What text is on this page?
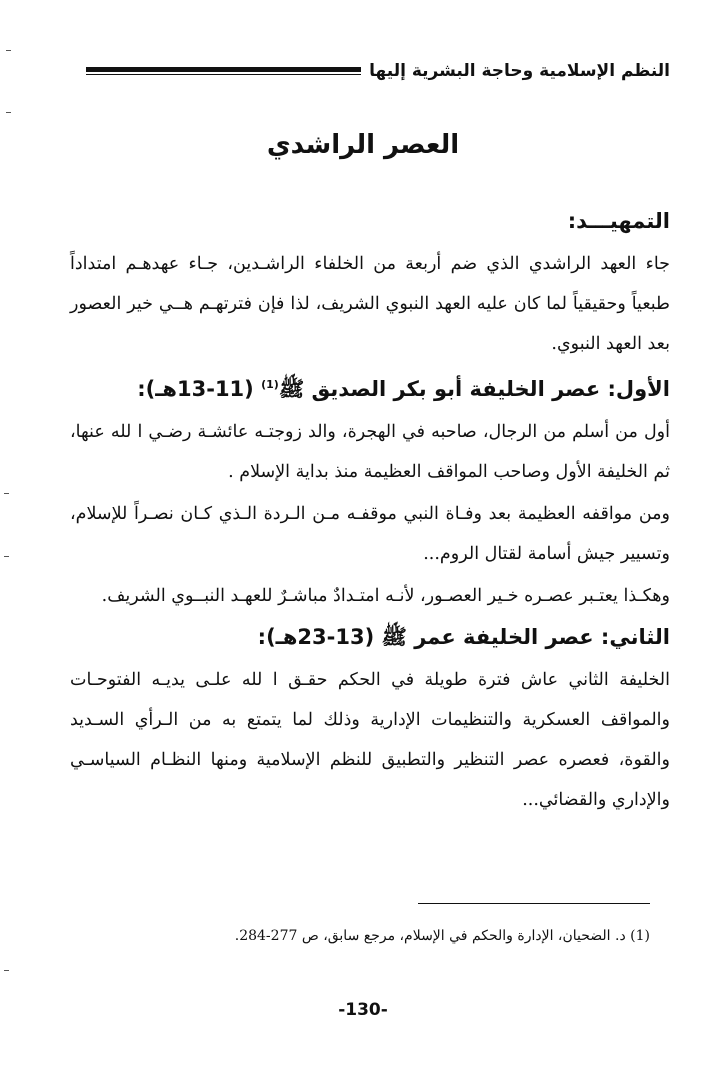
النظم الإسلامية وحاجة البشرية إليها
العصر الراشدي
التمهيـــد:

جاء العهد الراشدي الذي ضم أربعة من الخلفاء الراشـدين، جـاء عهدهـم امتداداً طبعياً وحقيقياً لما كان عليه العهد النبوي الشريف، لذا فإن فترتهـم هــي خير العصور بعد العهد النبوي.

الأول: عصر الخليفة أبو بكر الصديق ﷺ$^{(1)}$ (11-13هـ):

أول من أسلم من الرجال، صاحبه في الهجرة، والد زوجتـه عائشـة رضـي ا لله عنها، ثم الخليفة الأول وصاحب المواقف العظيمة منذ بداية الإسلام .

ومن مواقفه العظيمة بعد وفـاة النبي موقفـه مـن الـردة الـذي كـان نصـراً للإسلام، وتسيير جيش أسامة لقتال الروم...

وهكـذا يعتـبر عصـره خـير العصـور، لأنـه امتـدادٌ مباشـرٌ للعهـد النبــوي الشريف.

الثاني: عصر الخليفة عمر ﷺ (13-23هـ):

الخليفة الثاني عاش فترة طويلة في الحكم حقـق ا لله علـى يديـه الفتوحـات والمواقف العسكرية والتنظيمات الإدارية وذلك لما يتمتع به من الـرأي السـديد والقوة، فعصره عصر التنظير والتطبيق للنظم الإسلامية ومنها النظـام السياسـي والإداري والقضائي...

(1) د. الضحيان، الإدارة والحكم في الإسلام، مرجع سابق، ص 277-284.
-130-
